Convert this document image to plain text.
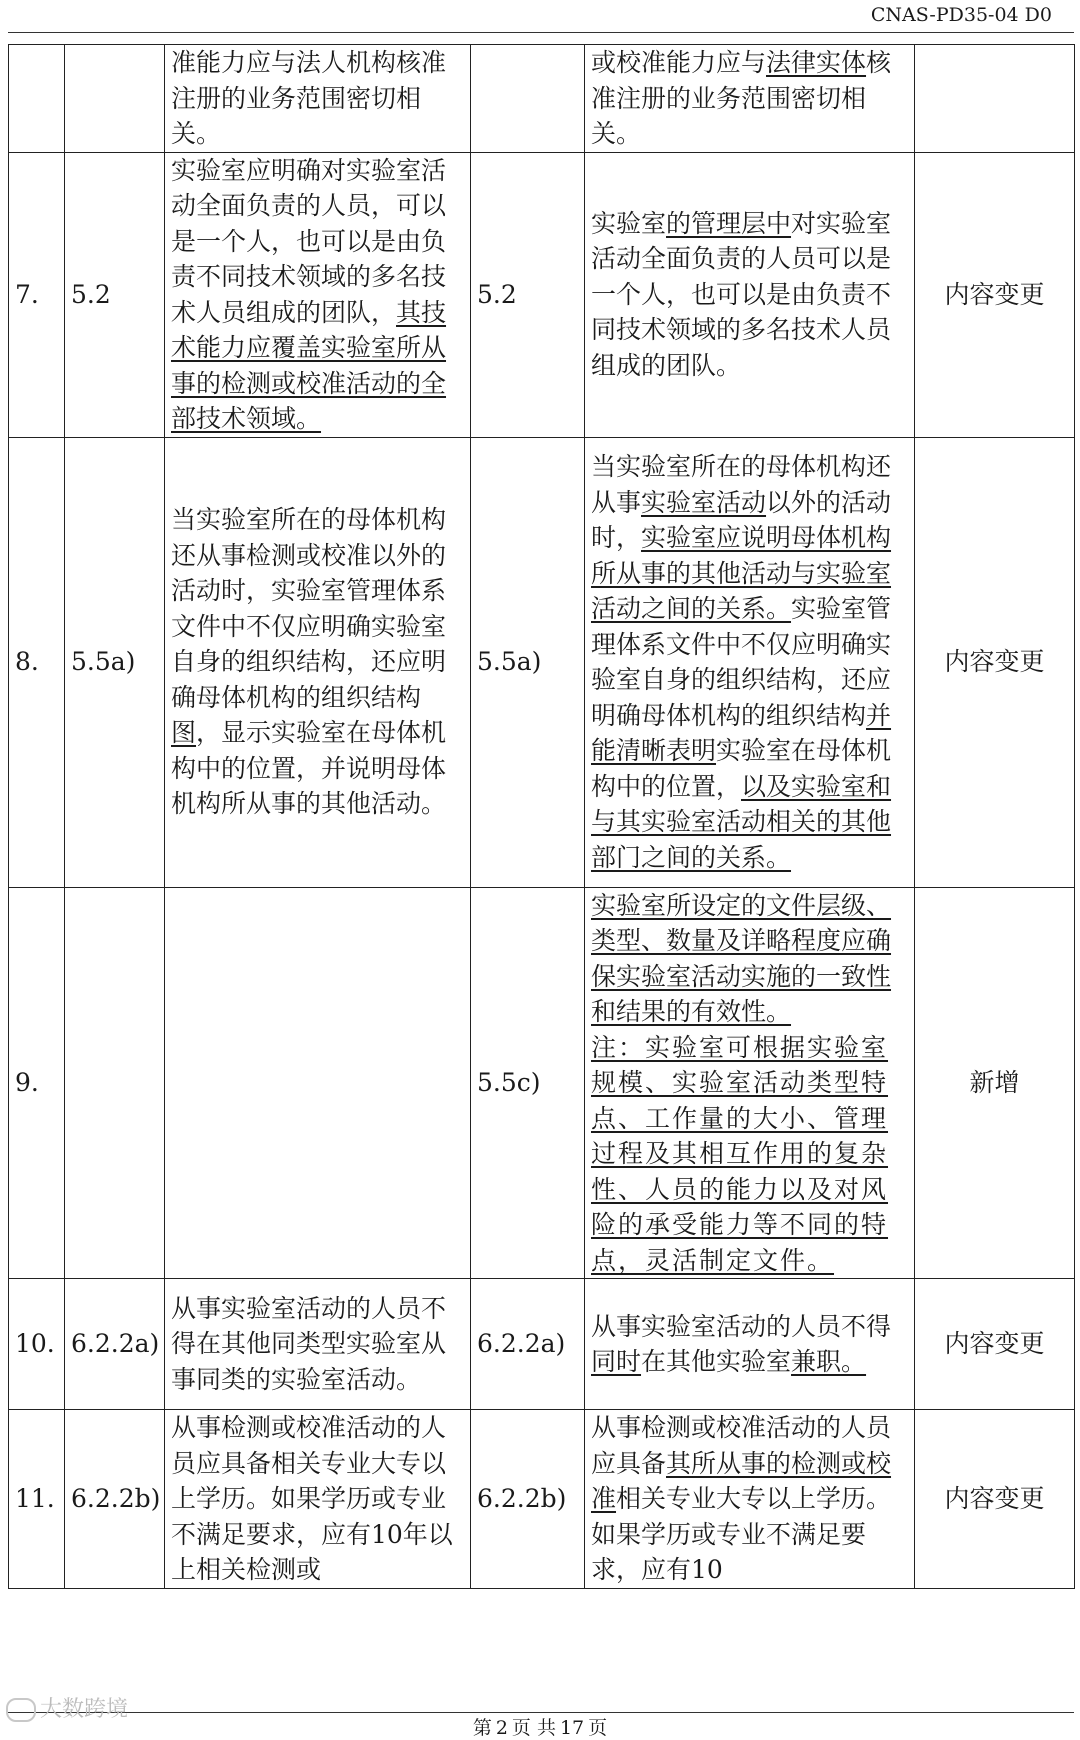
CNAS-PD35-04 D0
		准能力应与法人机构核准注册的业务范围密切相关。		或校准能力应与法律实体核准注册的业务范围密切相关。	
7.	5.2	实验室应明确对实验室活动全面负责的人员，可以是一个人，也可以是由负责不同技术领域的多名技术人员组成的团队，其技术能力应覆盖实验室所从事的检测或校准活动的全部技术领域。	5.2	实验室的管理层中对实验室活动全面负责的人员可以是一个人，也可以是由负责不同技术领域的多名技术人员组成的团队。	内容变更
8.	5.5a)	当实验室所在的母体机构还从事检测或校准以外的活动时，实验室管理体系文件中不仅应明确实验室自身的组织结构，还应明确母体机构的组织结构图，显示实验室在母体机构中的位置，并说明母体机构所从事的其他活动。	5.5a)	当实验室所在的母体机构还从事实验室活动以外的活动时，实验室应说明母体机构所从事的其他活动与实验室活动之间的关系。实验室管理体系文件中不仅应明确实验室自身的组织结构，还应明确母体机构的组织结构并能清晰表明实验室在母体机构中的位置，以及实验室和与其实验室活动相关的其他部门之间的关系。	内容变更
9.			5.5c)	实验室所设定的文件层级、类型、数量及详略程度应确保实验室活动实施的一致性和结果的有效性。
注：实验室可根据实验室规模、实验室活动类型特点、工作量的大小、管理过程及其相互作用的复杂性、人员的能力以及对风险的承受能力等不同的特点，灵活制定文件。	新增
10.	6.2.2a)	从事实验室活动的人员不得在其他同类型实验室从事同类的实验室活动。	6.2.2a)	从事实验室活动的人员不得同时在其他实验室兼职。	内容变更
11.	6.2.2b)	从事检测或校准活动的人员应具备相关专业大专以上学历。如果学历或专业不满足要求，应有10年以上相关检测或	6.2.2b)	从事检测或校准活动的人员应具备其所从事的检测或校准相关专业大专以上学历。如果学历或专业不满足要求，应有10	内容变更
第 2 页 共 17 页
大数跨境
